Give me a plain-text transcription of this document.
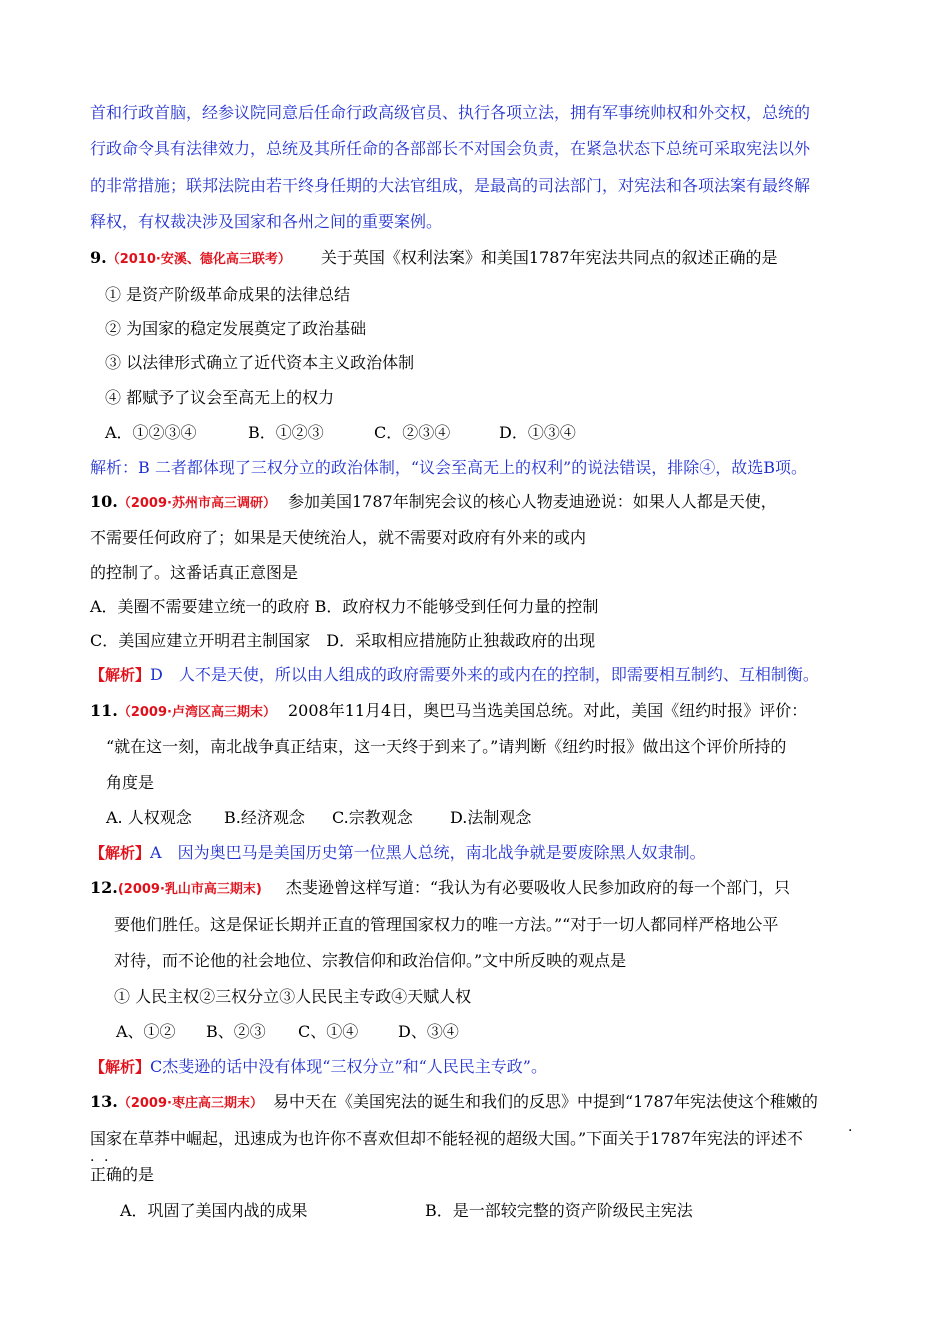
首和行政首脑，经参议院同意后任命行政高级官员、执行各项立法，拥有军事统帅权和外交权，总统的
行政命令具有法律效力，总统及其所任命的各部部长不对国会负责，在紧急状态下总统可采取宪法以外
的非常措施；联邦法院由若干终身任期的大法官组成，是最高的司法部门，对宪法和各项法案有最终解
释权，有权裁决涉及国家和各州之间的重要案例。
9.（2010·安溪、德化高三联考） 关于英国《权利法案》和美国1787年宪法共同点的叙述正确的是
① 是资产阶级革命成果的法律总结
② 为国家的稳定发展奠定了政治基础
③ 以法律形式确立了近代资本主义政治体制
④ 都赋予了议会至高无上的权力
A．①②③④	B．①②③	C．②③④	D．①③④
解析：B 二者都体现了三权分立的政治体制，“议会至高无上的权利”的说法错误，排除④，故选B项。
10.（2009·苏州市高三调研） 参加美国1787年制宪会议的核心人物麦迪逊说：如果人人都是天使，
不需要任何政府了；如果是天使统治人，就不需要对政府有外来的或内
的控制了。这番话真正意图是
A．美圈不需要建立统一的政府 B．政府权力不能够受到任何力量的控制
C．美国应建立开明君主制国家　D．采取相应措施防止独裁政府的出现
【解析】D　人不是天使，所以由人组成的政府需要外来的或内在的控制，即需要相互制约、互相制衡。
11.（2009·卢湾区高三期末） 2008年11月4日，奥巴马当选美国总统。对此，美国《纽约时报》评价：
“就在这一刻，南北战争真正结束，这一天终于到来了。”请判断《纽约时报》做出这个评价所持的
角度是
A. 人权观念 B.经济观念 C.宗教观念 D.法制观念
【解析】A　因为奥巴马是美国历史第一位黑人总统，南北战争就是要废除黑人奴隶制。
12.(2009·乳山市高三期末) 杰斐逊曾这样写道：“我认为有必要吸收人民参加政府的每一个部门，只
要他们胜任。这是保证长期并正直的管理国家权力的唯一方法。”“对于一切人都同样严格地公平
对待，而不论他的社会地位、宗教信仰和政治信仰。”文中所反映的观点是
① 人民主权②三权分立③人民民主专政④天赋人权
A、①② B、②③ C、①④ D、③④
【解析】C杰斐逊的话中没有体现“三权分立”和“人民民主专政”。
13.（2009·枣庄高三期末） 易中天在《美国宪法的诞生和我们的反思》中提到“1787年宪法使这个稚嫩的
国家在草莽中崛起，迅速成为也许你不喜欢但却不能轻视的超级大国。”下面关于1787年宪法的评述不
.
. .
正确的是
A．巩固了美国内战的成果	B．是一部较完整的资产阶级民主宪法
